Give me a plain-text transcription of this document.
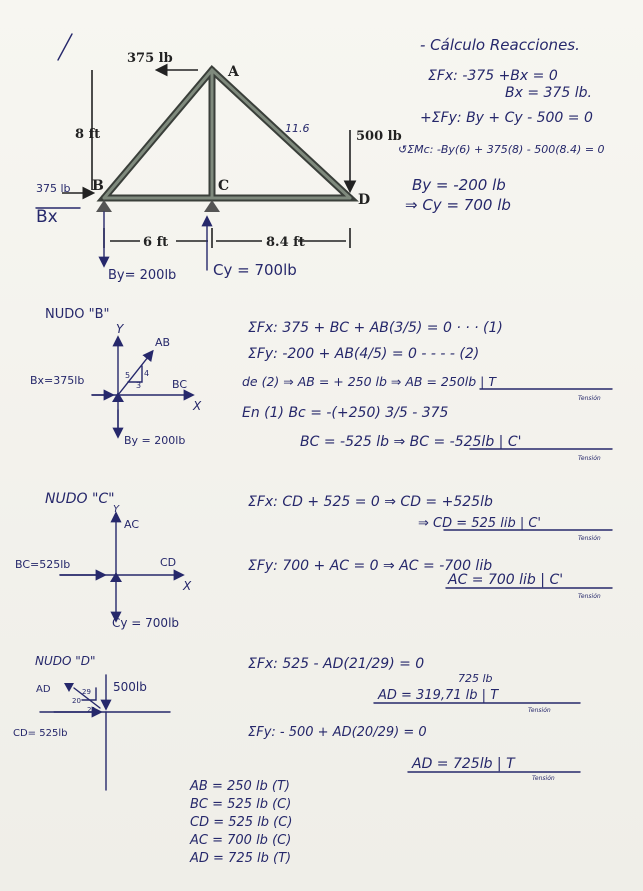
375 lb
A
8 ft	11.6
500 lb
375 lb B	C
D
Bx
6 ft	8.4 ft
By= 200lb Cy = 700lb
- Cálculo Reacciones.
ΣFx: -375 +Bx = 0
Bx = 375 lb.
+ΣFy: By + Cy - 500 = 0
↺ΣMc: -By(6) + 375(8) - 500(8.4) = 0
By = -200 lb
⇒ Cy = 700 lb
NUDO "B"
Y
X
AB
BC
Bx=375lb
By = 200lb
5 4
3
ΣFx: 375 + BC + AB(3/5) = 0 · · · (1)
ΣFy: -200 + AB(4/5) = 0 - - - - (2)
de (2) ⇒ AB = + 250 lb ⇒ AB = 250lb | T
En (1) Bc = -(+250) 3/5 - 375
BC = -525 lb ⇒ BC = -525lb | C'
NUDO "C"
Y
AC
CD
X
BC=525lb
Cy = 700lb
ΣFx: CD + 525 = 0 ⇒ CD = +525lb
⇒ CD = 525 lib | C'
ΣFy: 700 + AC = 0 ⇒ AC = -700 lib
AC = 700 lib | C'
NUDO "D"
AD	500lb
CD= 525lb
29
20
21
ΣFx: 525 - AD(21/29) = 0
725 lb
AD = 319,71 lb | T
ΣFy: - 500 + AD(20/29) = 0
AD = 725lb | T
AB = 250 lb (T)
BC = 525 lb (C)
CD = 525 lb (C)
AC = 700 lb (C)
AD = 725 lb (T)
Tensión
Tensión
Tensión
Tensión
Tensión
Tensión
